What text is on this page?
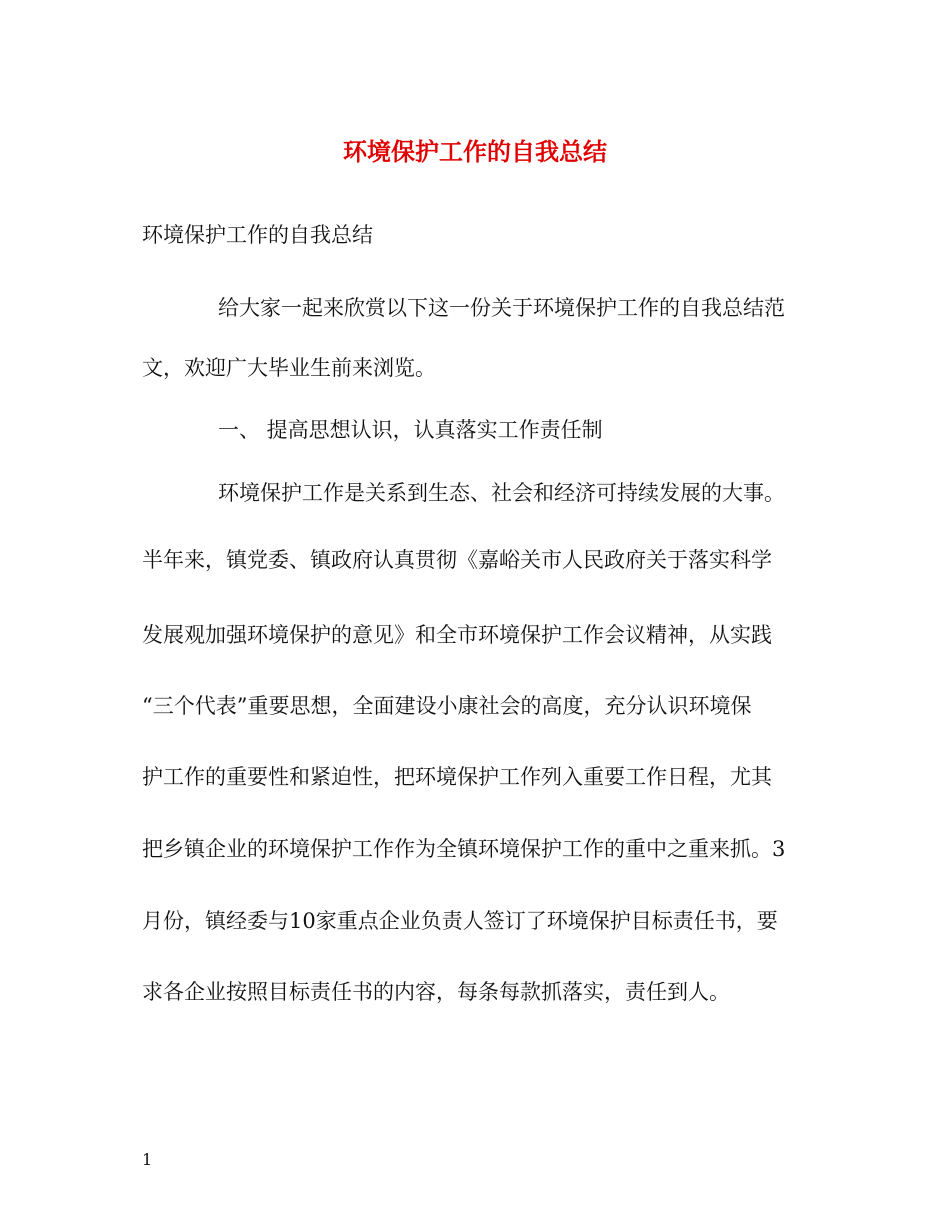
环境保护工作的自我总结

环境保护工作的自我总结

给大家一起来欣赏以下这一份关于环境保护工作的自我总结范

文，欢迎广大毕业生前来浏览。

一、 提高思想认识，认真落实工作责任制

环境保护工作是关系到生态、社会和经济可持续发展的大事。

半年来，镇党委、镇政府认真贯彻《嘉峪关市人民政府关于落实科学

发展观加强环境保护的意见》和全市环境保护工作会议精神，从实践

“三个代表”重要思想，全面建设小康社会的高度，充分认识环境保

护工作的重要性和紧迫性，把环境保护工作列入重要工作日程，尤其

把乡镇企业的环境保护工作作为全镇环境保护工作的重中之重来抓。3

月份，镇经委与10家重点企业负责人签订了环境保护目标责任书，要

求各企业按照目标责任书的内容，每条每款抓落实，责任到人。

1
